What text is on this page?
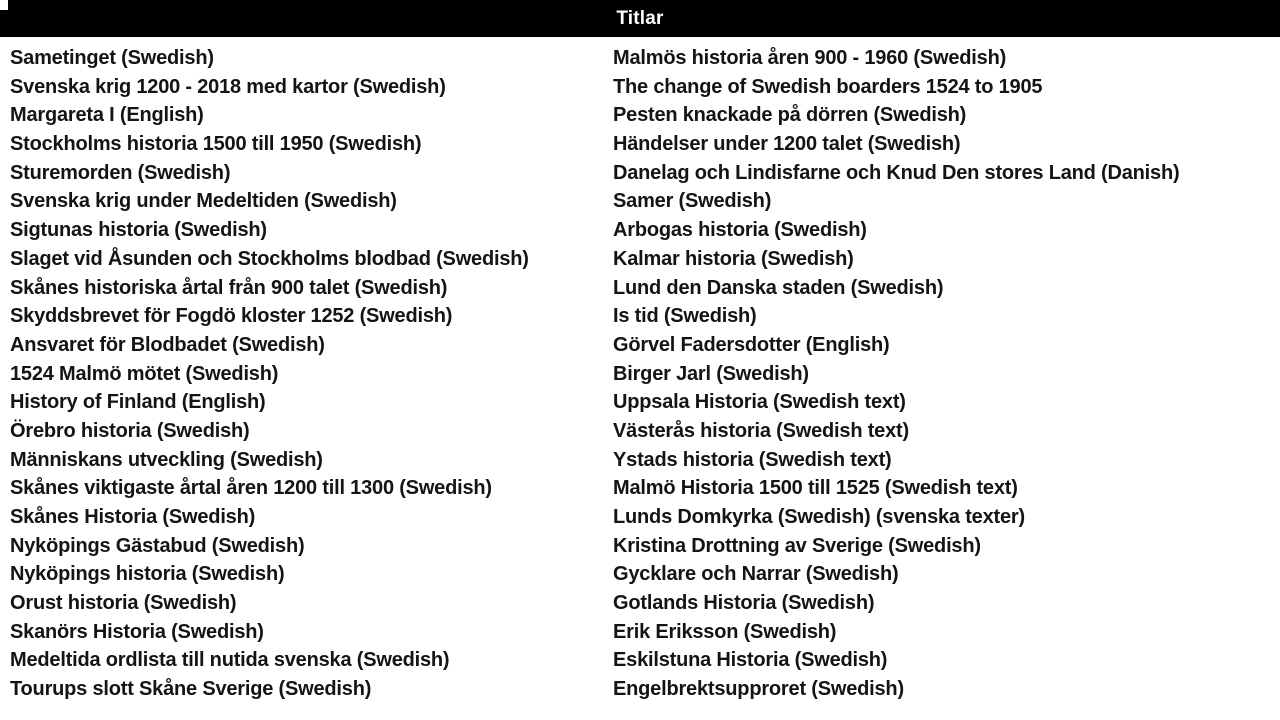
Titlar
Sametinget (Swedish)
Svenska krig 1200 - 2018 med kartor (Swedish)
Margareta I (English)
Stockholms historia 1500 till 1950 (Swedish)
Sturemorden (Swedish)
Svenska krig under Medeltiden (Swedish)
Sigtunas historia (Swedish)
Slaget vid Åsunden och Stockholms blodbad (Swedish)
Skånes historiska årtal från 900 talet (Swedish)
Skyddsbrevet för Fogdö kloster 1252 (Swedish)
Ansvaret för Blodbadet (Swedish)
1524 Malmö mötet (Swedish)
History of Finland (English)
Örebro historia (Swedish)
Människans utveckling (Swedish)
Skånes viktigaste årtal åren 1200 till 1300 (Swedish)
Skånes Historia (Swedish)
Nyköpings Gästabud (Swedish)
Nyköpings historia (Swedish)
Orust historia (Swedish)
Skanörs Historia (Swedish)
Medeltida ordlista till nutida svenska (Swedish)
Tourups slott Skåne Sverige (Swedish)
Malmös historia åren 900 - 1960 (Swedish)
The change of Swedish boarders 1524 to 1905
Pesten knackade på dörren (Swedish)
Händelser under 1200 talet (Swedish)
Danelag och Lindisfarne och Knud Den stores Land (Danish)
Samer (Swedish)
Arbogas historia (Swedish)
Kalmar historia (Swedish)
Lund den Danska staden (Swedish)
Is tid (Swedish)
Görvel Fadersdotter (English)
Birger Jarl (Swedish)
Uppsala Historia (Swedish text)
Västerås historia (Swedish text)
Ystads historia (Swedish text)
Malmö Historia 1500 till 1525 (Swedish text)
Lunds Domkyrka (Swedish) (svenska texter)
Kristina Drottning av Sverige (Swedish)
Gycklare och Narrar (Swedish)
Gotlands Historia (Swedish)
Erik Eriksson (Swedish)
Eskilstuna Historia (Swedish)
Engelbrektsupproret (Swedish)
